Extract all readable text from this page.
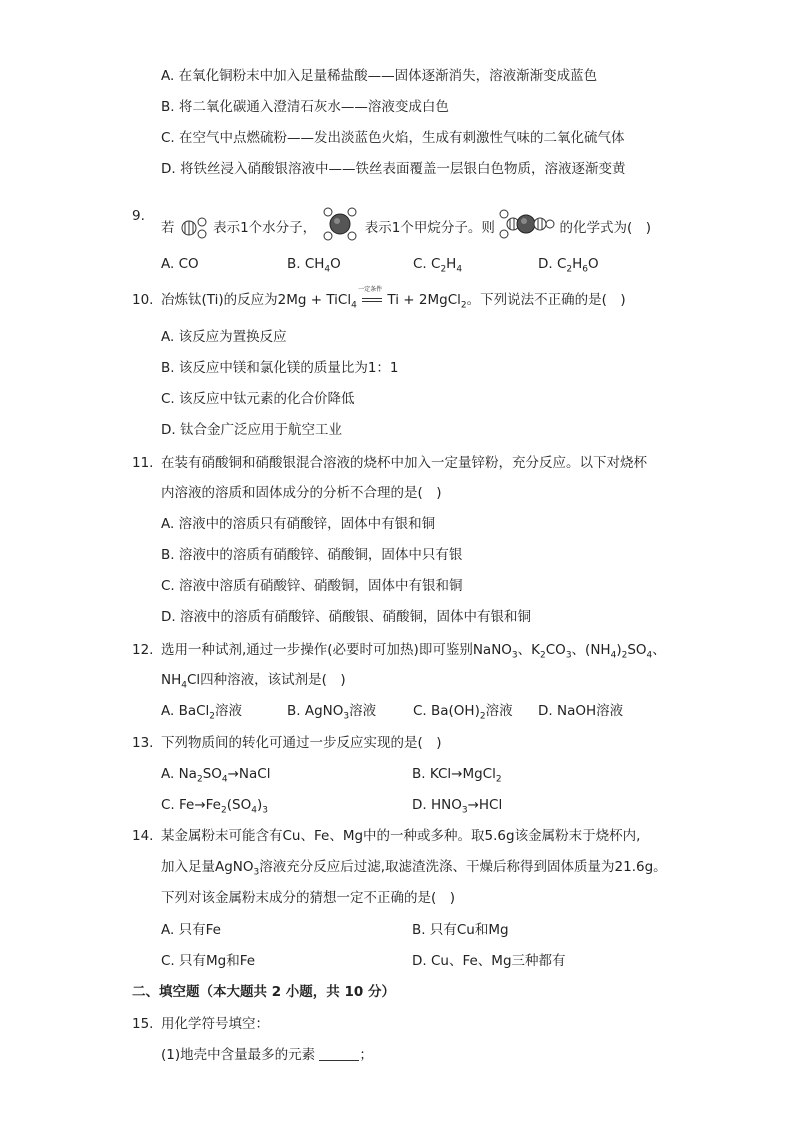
A. 在氧化铜粉末中加入足量稀盐酸——固体逐渐消失，溶液渐渐变成蓝色
B. 将二氧化碳通入澄清石灰水——溶液变成白色
C. 在空气中点燃硫粉——发出淡蓝色火焰，生成有刺激性气味的二氧化硫气体
D. 将铁丝浸入硝酸银溶液中——铁丝表面覆盖一层银白色物质，溶液逐渐变黄
9.
若	表示1个水分子，	表示1个甲烷分子。则	的化学式为(　)
A. CO	B. $CH_4O$	C. $C_2H_4$	D. $C_2H_6O$
10. 冶炼钛(Ti)的反应为2Mg + TiCl$_4$
一定条件
Ti + 2MgCl$_2$。下列说法不正确的是(　)
A. 该反应为置换反应
B. 该反应中镁和氯化镁的质量比为1：1
C. 该反应中钛元素的化合价降低
D. 钛合金广泛应用于航空工业
11. 在装有硝酸铜和硝酸银混合溶液的烧杯中加入一定量锌粉，充分反应。以下对烧杯
内溶液的溶质和固体成分的分析不合理的是(　)
A. 溶液中的溶质只有硝酸锌，固体中有银和铜
B. 溶液中的溶质有硝酸锌、硝酸铜，固体中只有银
C. 溶液中溶质有硝酸锌、硝酸铜，固体中有银和铜
D. 溶液中的溶质有硝酸锌、硝酸银、硝酸铜，固体中有银和铜
12. 选用一种试剂,通过一步操作(必要时可加热)即可鉴别NaNO$_3$、$K_2CO_3$、$(NH_4)_2SO_4$、
$NH_4Cl$四种溶液，该试剂是(　)
A. BaCl$_2$溶液	B. AgNO$_3$溶液	C. $Ba(OH)_2$溶液 D. NaOH溶液
13. 下列物质间的转化可通过一步反应实现的是(　)
A. $Na_2SO_4\to NaCl$	B. KCl→MgCl$_2$
C. $Fe\to Fe_2(SO_4)_3$	D. $HNO_3\to HCl$
14. 某金属粉末可能含有Cu、Fe、Mg中的一种或多种。取5.6g该金属粉末于烧杯内,
加入足量AgNO$_3$溶液充分反应后过滤,取滤渣洗涤、干燥后称得到固体质量为21.6g。
下列对该金属粉末成分的猜想一定不正确的是(　)
A. 只有Fe	B. 只有Cu和Mg
C. 只有Mg和Fe	D. Cu、Fe、Mg三种都有
二、填空题（本大题共 2 小题，共 10 分）
15. 用化学符号填空：
(1)地壳中含量最多的元素	；
